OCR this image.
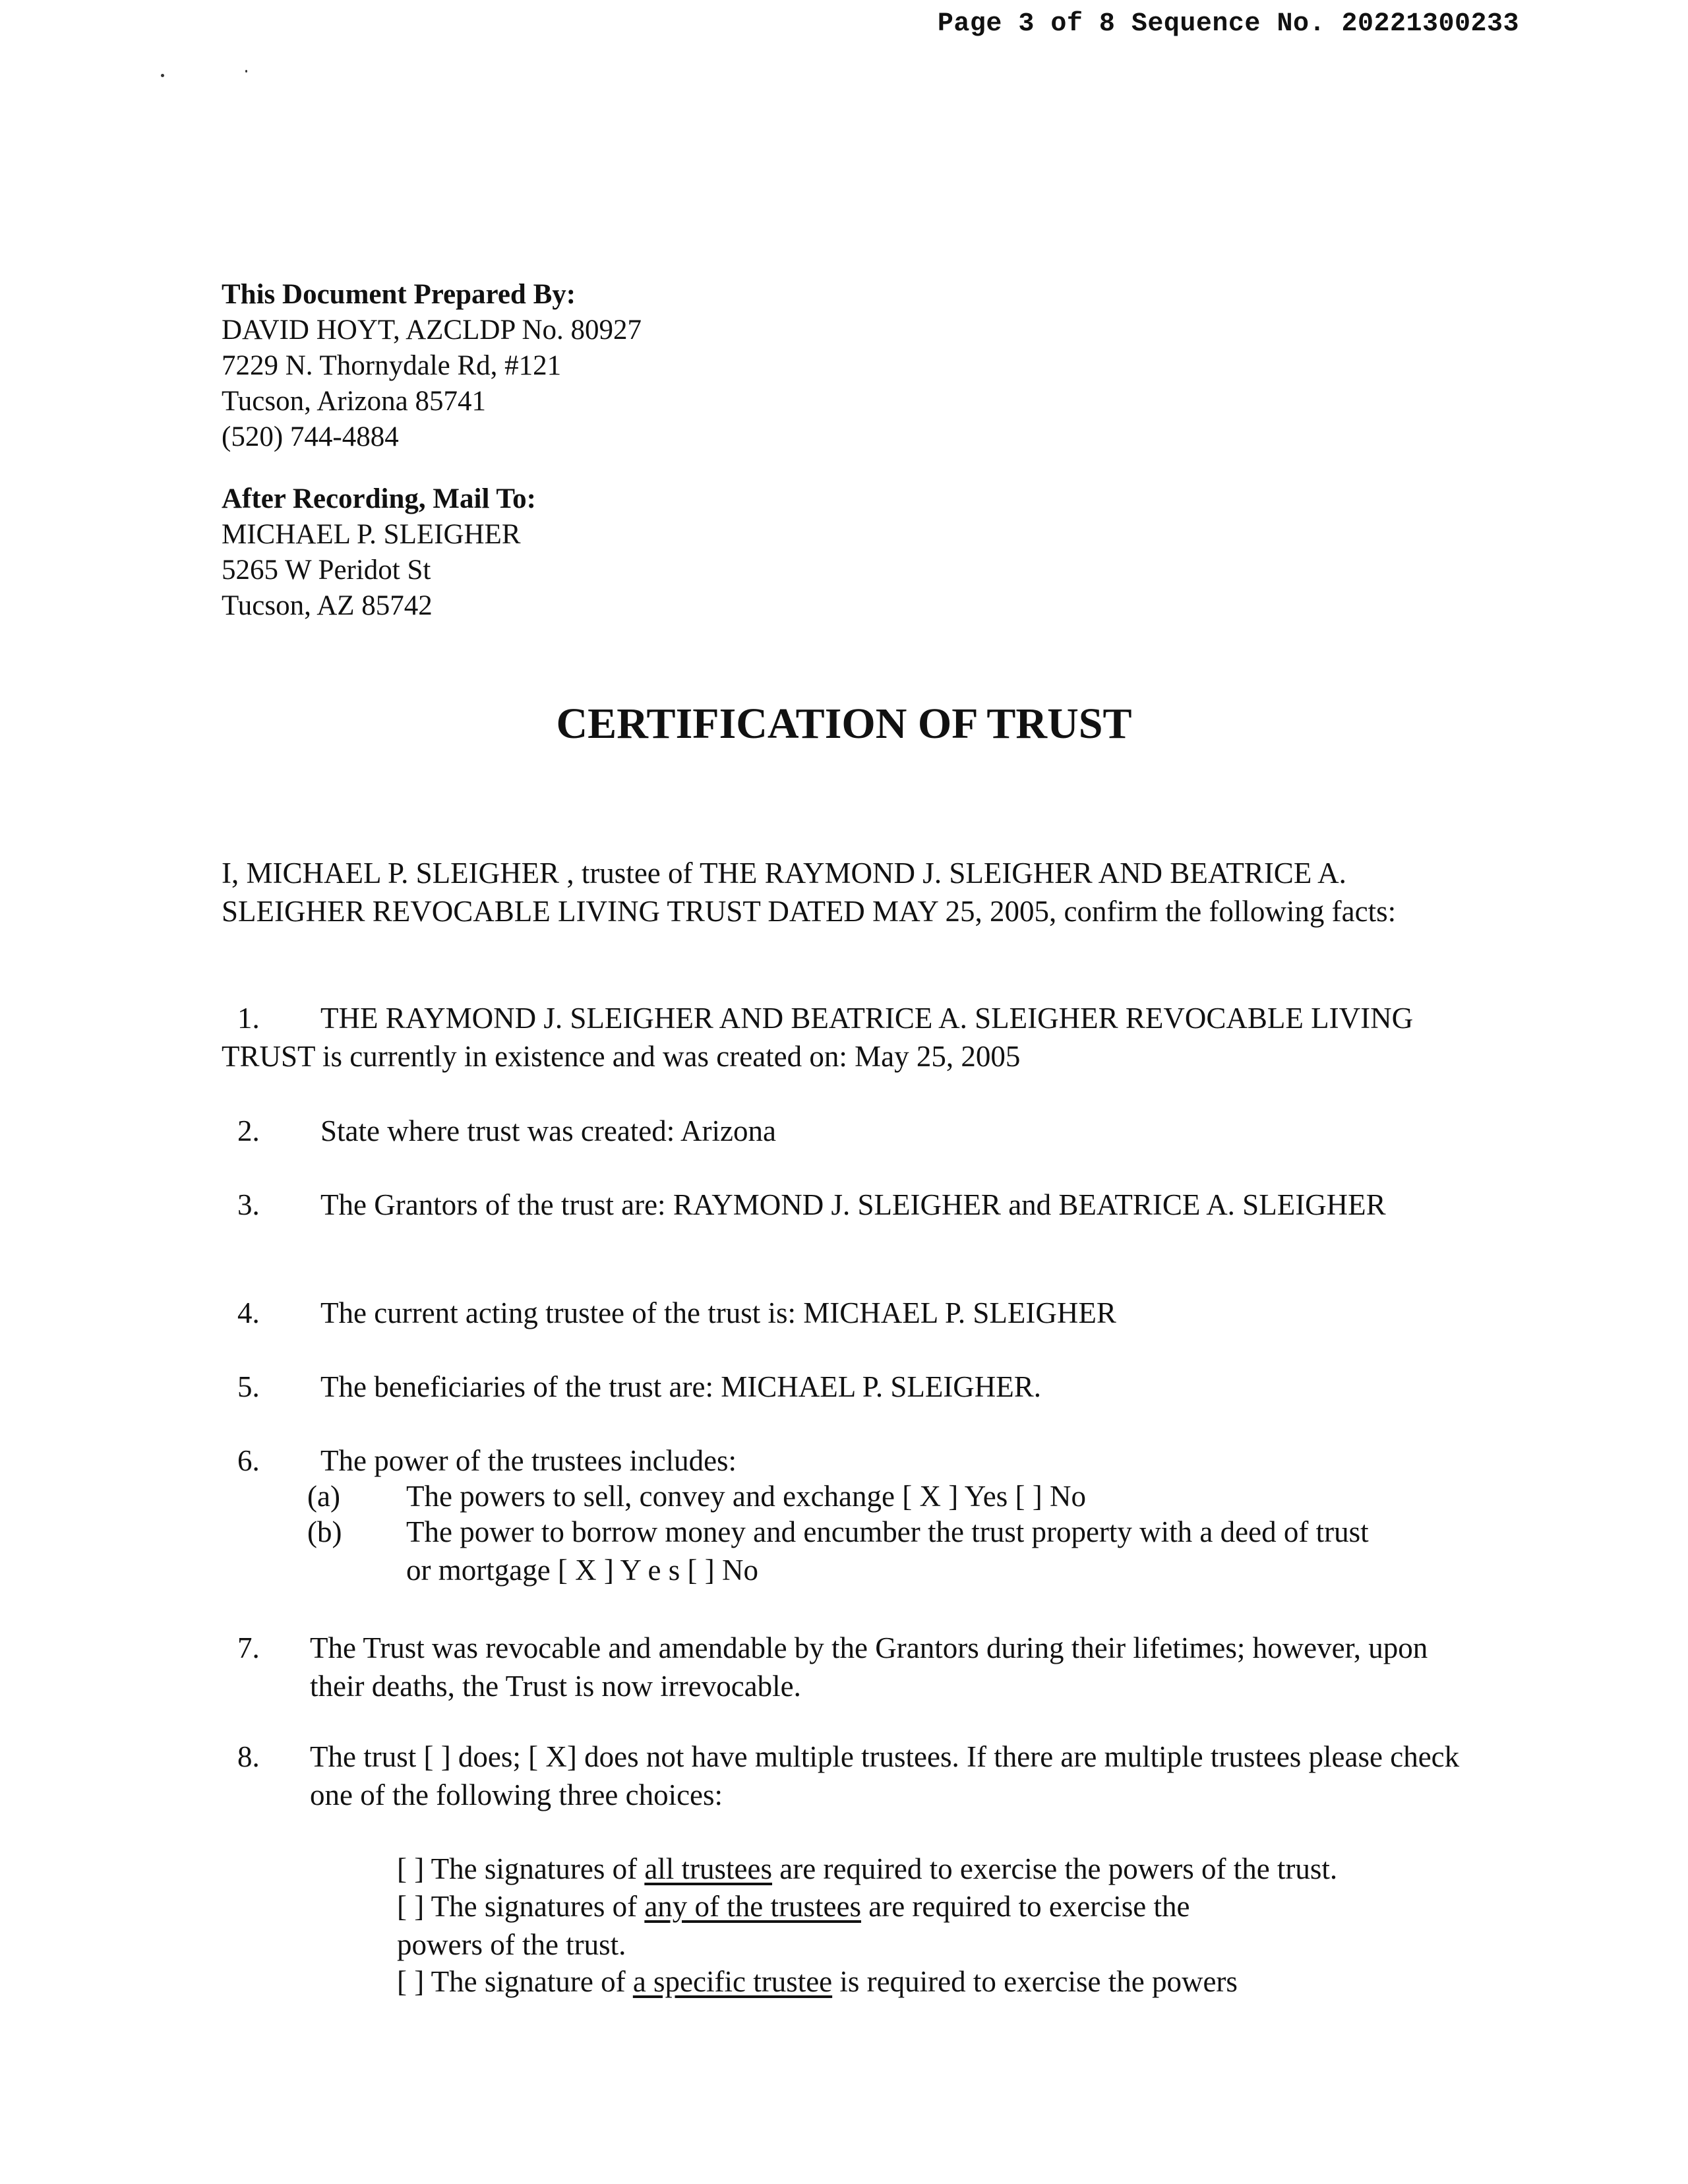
Page 3 of 8 Sequence No. 20221300233
This Document Prepared By:
DAVID HOYT, AZCLDP No. 80927
7229 N. Thornydale Rd, #121
Tucson, Arizona 85741
(520) 744-4884
After Recording, Mail To:
MICHAEL P. SLEIGHER
5265 W Peridot St
Tucson, AZ 85742
CERTIFICATION OF TRUST
I, MICHAEL P. SLEIGHER , trustee of THE RAYMOND J. SLEIGHER AND BEATRICE A. SLEIGHER REVOCABLE LIVING TRUST DATED MAY 25, 2005, confirm the following facts:
1. THE RAYMOND J. SLEIGHER AND BEATRICE A. SLEIGHER REVOCABLE LIVING TRUST is currently in existence and was created on: May 25, 2005
2. State where trust was created: Arizona
3. The Grantors of the trust are: RAYMOND J. SLEIGHER and BEATRICE A. SLEIGHER
4. The current acting trustee of the trust is: MICHAEL P. SLEIGHER
5. The beneficiaries of the trust are: MICHAEL P. SLEIGHER.
6. The power of the trustees includes:
(a) The powers to sell, convey and exchange [ X ] Yes [ ] No
(b) The power to borrow money and encumber the trust property with a deed of trust or mortgage [ X ] Y e s [ ] No
7. The Trust was revocable and amendable by the Grantors during their lifetimes; however, upon their deaths, the Trust is now irrevocable.
8. The trust [ ] does; [ X] does not have multiple trustees. If there are multiple trustees please check one of the following three choices:
[ ] The signatures of all trustees are required to exercise the powers of the trust.
[ ] The signatures of any of the trustees are required to exercise the powers of the trust.
[ ] The signature of a specific trustee is required to exercise the powers
